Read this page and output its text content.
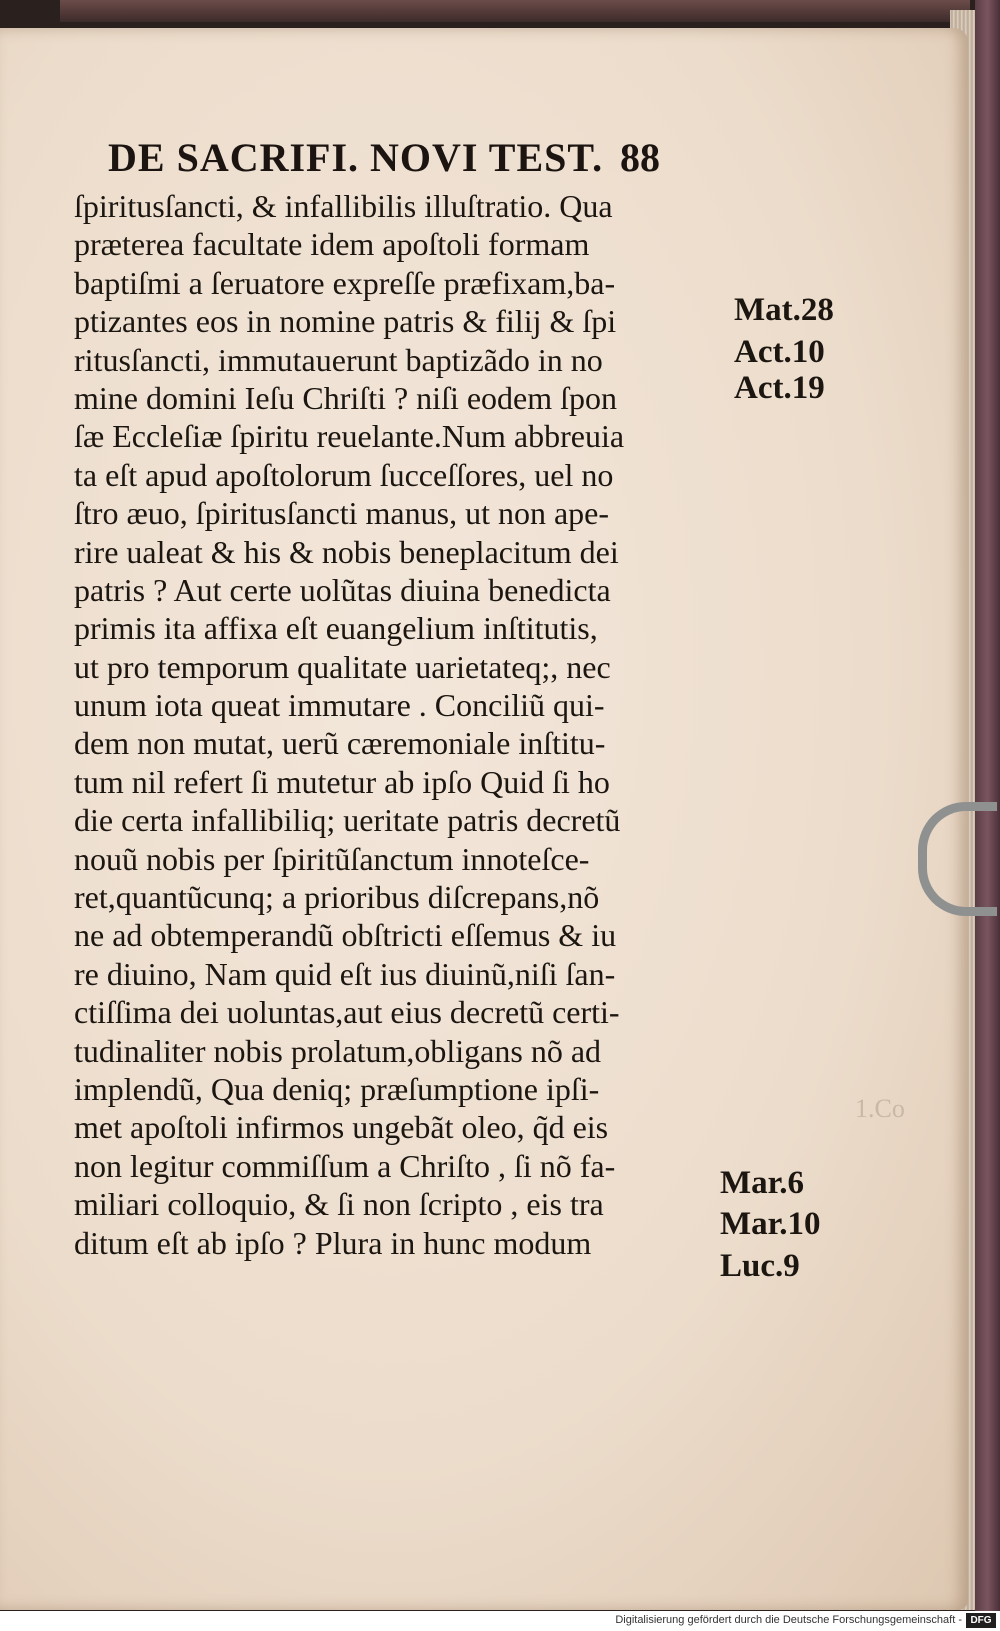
DE SACRIFI. NOVI TEST. 88
ſpiritusſancti, & infallibilis illuſtratio. Qua
præterea facultate idem apoſtoli formam
baptiſmi a ſeruatore expreſſe præfixam,ba-
ptizantes eos in nomine patris & filij & ſpi
ritusſancti, immutauerunt baptizãdo in no
mine domini Ieſu Chriſti ? niſi eodem ſpon
ſæ Eccleſiæ ſpiritu reuelante.Num abbreuia
ta eſt apud apoſtolorum ſucceſſores, uel no
ſtro æuo, ſpiritusſancti manus, ut non ape-
rire ualeat & his & nobis beneplacitum dei
patris ? Aut certe uolũtas diuina benedicta
primis ita affixa eſt euangelium inſtitutis,
ut pro temporum qualitate uarietateq;, nec
unum iota queat immutare . Conciliũ qui-
dem non mutat, uerũ cæremoniale inſtitu-
tum nil refert ſi mutetur ab ipſo Quid ſi ho
die certa infallibiliq; ueritate patris decretũ
nouũ nobis per ſpiritũſanctum innoteſce-
ret,quantũcunq; a prioribus diſcrepans,nõ
ne ad obtemperandũ obſtricti eſſemus & iu
re diuino, Nam quid eſt ius diuinũ,niſi ſan-
ctiſſima dei uoluntas,aut eius decretũ certi-
tudinaliter nobis prolatum,obligans nõ ad
implendũ, Qua deniq; præſumptione ipſi-
met apoſtoli infirmos ungebãt oleo, q̃d eis
non legitur commiſſum a Chriſto , ſi nõ fa-
miliari colloquio, & ſi non ſcripto , eis tra
ditum eſt ab ipſo ? Plura in hunc modum
Mat.28
Act.10
Act.19
Mar.6
Mar.10
Luc.9
1.Co
Digitalisierung gefördert durch die Deutsche Forschungsgemeinschaft - DFG
